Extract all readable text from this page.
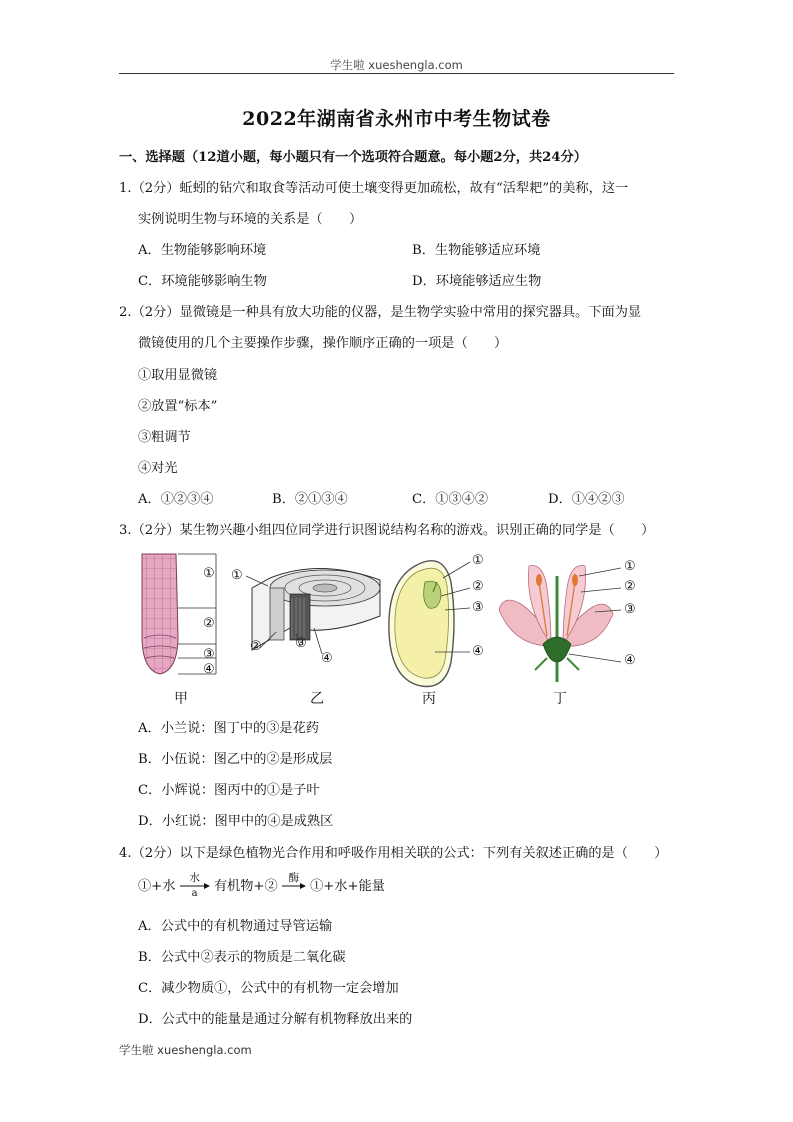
学生啦 xueshengla.com
2022年湖南省永州市中考生物试卷
一、选择题（12道小题，每小题只有一个选项符合题意。每小题2分，共24分）
1.（2分）蚯蚓的钻穴和取食等活动可使土壤变得更加疏松，故有“活犁耙”的美称，这一
实例说明生物与环境的关系是（　　）
A．生物能够影响环境	B．生物能够适应环境
C．环境能够影响生物	D．环境能够适应生物
2.（2分）显微镜是一种具有放大功能的仪器，是生物学实验中常用的探究器具。下面为显
微镜使用的几个主要操作步骤，操作顺序正确的一项是（　　）
①取用显微镜
②放置“标本”
③粗调节
④对光
A．①②③④	B．②①③④	C．①③④②	D．①④②③
3.（2分）某生物兴趣小组四位同学进行识图说结构名称的游戏。识别正确的同学是（　　）
①
②
③
④
甲
①
②	③
④
乙
①
②
③
④
丙
①
②
③
④
丁
A．小兰说：图丁中的③是花药
B．小伍说：图乙中的②是形成层
C．小辉说：图丙中的①是子叶
D．小红说：图甲中的④是成熟区
4.（2分）以下是绿色植物光合作用和呼吸作用相关联的公式：下列有关叙述正确的是（　　）
①+水
水
a	有机物+②
酶
①+水+能量
A．公式中的有机物通过导管运输
B．公式中②表示的物质是二氧化碳
C．减少物质①，公式中的有机物一定会增加
D．公式中的能量是通过分解有机物释放出来的
学生啦 xueshengla.com
